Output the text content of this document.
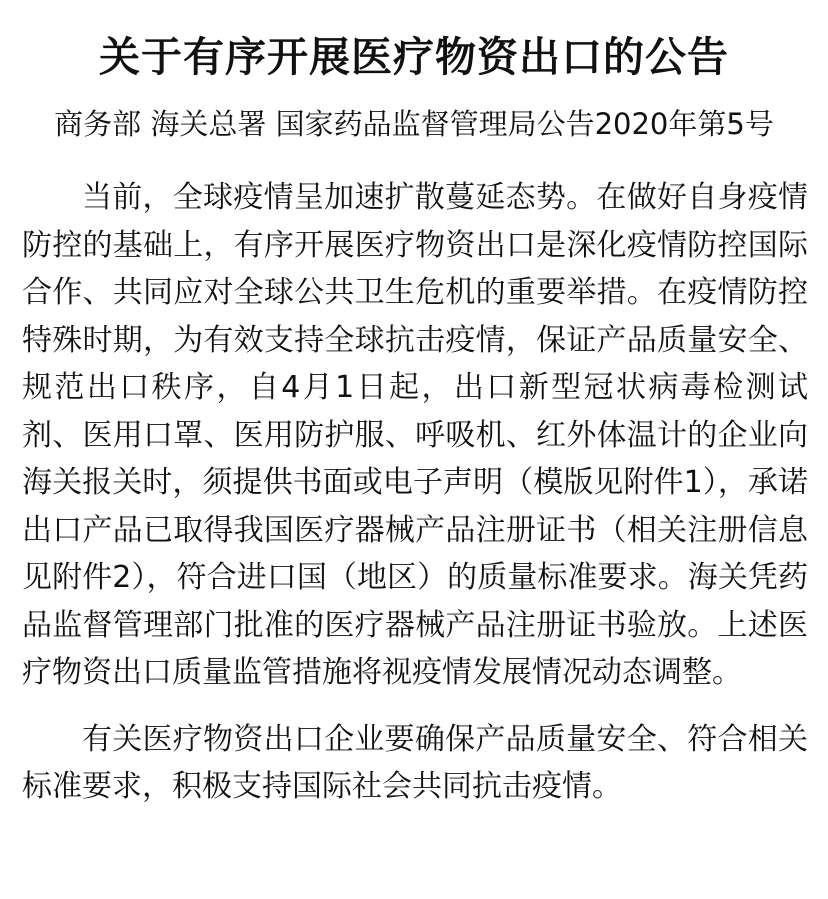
关于有序开展医疗物资出口的公告
商务部 海关总署 国家药品监督管理局公告2020年第5号

当前，全球疫情呈加速扩散蔓延态势。在做好自身疫情防控的基础上，有序开展医疗物资出口是深化疫情防控国际合作、共同应对全球公共卫生危机的重要举措。在疫情防控特殊时期，为有效支持全球抗击疫情，保证产品质量安全、规范出口秩序，自4月1日起，出口新型冠状病毒检测试剂、医用口罩、医用防护服、呼吸机、红外体温计的企业向海关报关时，须提供书面或电子声明（模版见附件1），承诺出口产品已取得我国医疗器械产品注册证书（相关注册信息见附件2），符合进口国（地区）的质量标准要求。海关凭药品监督管理部门批准的医疗器械产品注册证书验放。上述医疗物资出口质量监管措施将视疫情发展情况动态调整。

有关医疗物资出口企业要确保产品质量安全、符合相关标准要求，积极支持国际社会共同抗击疫情。
